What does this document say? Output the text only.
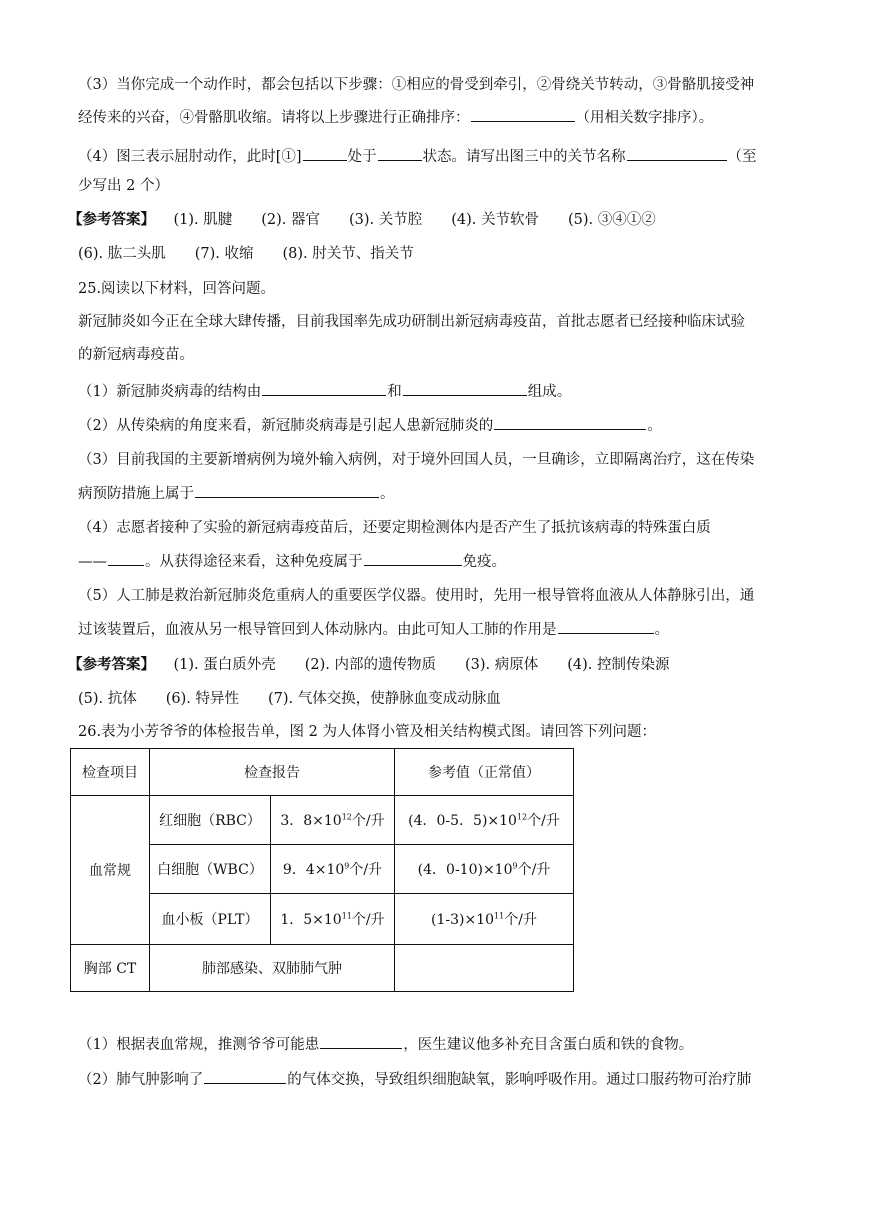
（3）当你完成一个动作时，都会包括以下步骤：①相应的骨受到牵引，②骨绕关节转动，③骨骼肌接受神
经传来的兴奋，④骨骼肌收缩。请将以上步骤进行正确排序：	（用相关数字排序）。
（4）图三表示屈肘动作，此时[①]	处于	状态。请写出图三中的关节名称	（至
少写出 2 个）
【参考答案】 (1). 肌腱　　(2). 器官　　(3). 关节腔　　(4). 关节软骨　　(5). ③④①②
(6). 肱二头肌　　(7). 收缩　　(8). 肘关节、指关节
25.阅读以下材料，回答问题。
新冠肺炎如今正在全球大肆传播，目前我国率先成功研制出新冠病毒疫苗，首批志愿者已经接种临床试验
的新冠病毒疫苗。
（1）新冠肺炎病毒的结构由	和	组成。
（2）从传染病的角度来看，新冠肺炎病毒是引起人患新冠肺炎的	。
（3）目前我国的主要新增病例为境外输入病例，对于境外回国人员，一旦确诊，立即隔离治疗，这在传染
病预防措施上属于	。
（4）志愿者接种了实验的新冠病毒疫苗后，还要定期检测体内是否产生了抵抗该病毒的特殊蛋白质
——	。从获得途径来看，这种免疫属于	免疫。
（5）人工肺是救治新冠肺炎危重病人的重要医学仪器。使用时，先用一根导管将血液从人体静脉引出，通
过该装置后，血液从另一根导管回到人体动脉内。由此可知人工肺的作用是	。
【参考答案】 (1). 蛋白质外壳　　(2). 内部的遗传物质　　(3). 病原体　　(4). 控制传染源
(5). 抗体　　(6). 特异性　　(7). 气体交换，使静脉血变成动脉血
26.表为小芳爷爷的体检报告单，图 2 为人体肾小管及相关结构模式图。请回答下列问题：
检查项目	检查报告		参考值（正常值）
血常规	红细胞（RBC）	3．$8\times 10^{12}$个/升	(4．0-5．$5)\times 10^{12}$个/升
	白细胞（WBC）	9．$4\times 10^9$个/升	(4．$0-10)\times 10^9$个/升
	血小板（PLT）	1．$5\times 10^{11}$个/升	$(1-3)\times 10^{11}$个/升
胸部 CT	肺部感染、双肺肺气肿		
（1）根据表血常规，推测爷爷可能患	，医生建议他多补充目含蛋白质和铁的食物。
（2）肺气肿影响了	的气体交换，导致组织细胞缺氧，影响呼吸作用。通过口服药物可治疗肺
